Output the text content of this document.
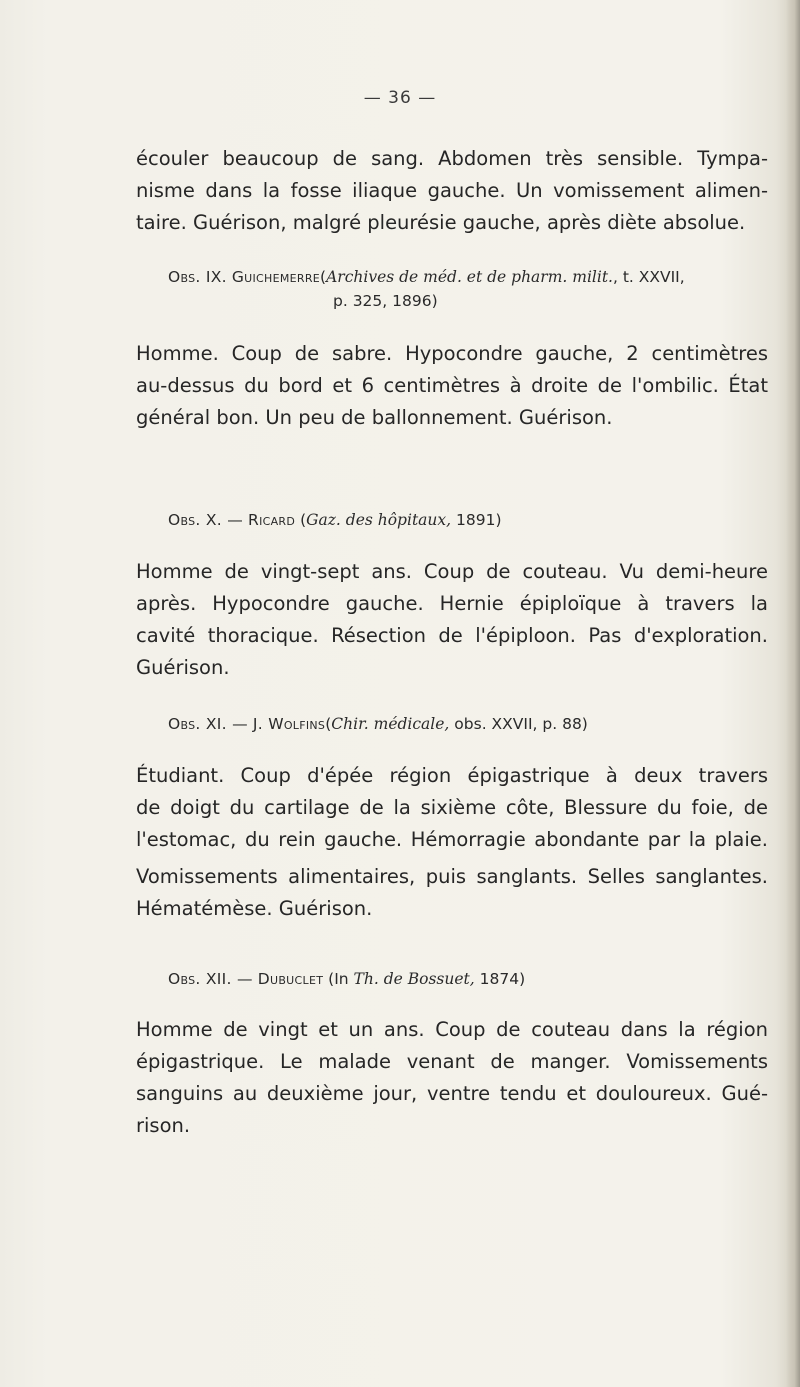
— 36 —

écouler beaucoup de sang. Abdomen très sensible. Tympa-
nisme dans la fosse iliaque gauche. Un vomissement alimen-
taire. Guérison, malgré pleurésie gauche, après diète absolue.

Obs. IX. Guichemerre(Archives de méd. et de pharm. milit., t. XXVII,
p. 325, 1896)

Homme. Coup de sabre. Hypocondre gauche, 2 centimètres
au-dessus du bord et 6 centimètres à droite de l'ombilic. État
général bon. Un peu de ballonnement. Guérison.

Obs. X. — Ricard (Gaz. des hôpitaux, 1891)

Homme de vingt-sept ans. Coup de couteau. Vu demi-heure
après. Hypocondre gauche. Hernie épiploïque à travers la
cavité thoracique. Résection de l'épiploon. Pas d'exploration.
Guérison.

Obs. XI. — J. Wolfins(Chir. médicale, obs. XXVII, p. 88)

Étudiant. Coup d'épée région épigastrique à deux travers
de doigt du cartilage de la sixième côte, Blessure du foie, de
l'estomac, du rein gauche. Hémorragie abondante par la plaie.
Vomissements alimentaires, puis sanglants. Selles sanglantes.
Hématémèse. Guérison.

Obs. XII. — Dubuclet (In Th. de Bossuet, 1874)

Homme de vingt et un ans. Coup de couteau dans la région
épigastrique. Le malade venant de manger. Vomissements
sanguins au deuxième jour, ventre tendu et douloureux. Gué-
rison.
